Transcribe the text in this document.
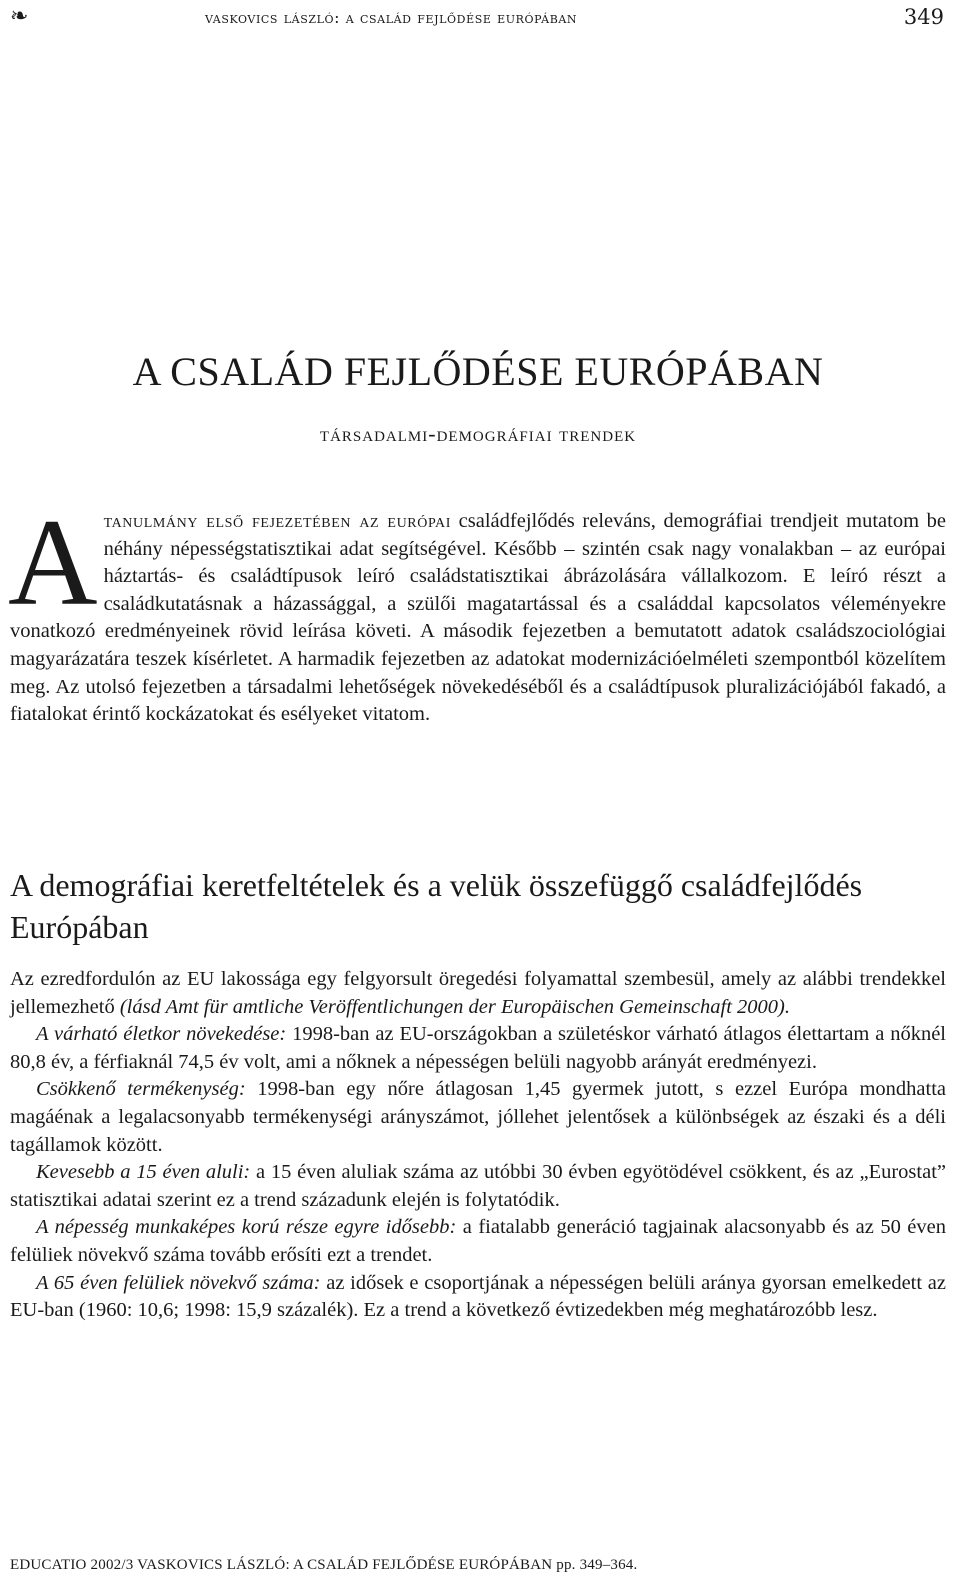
❧	vaskovics lászló: a család fejlődése európában	349
A CSALÁD FEJLŐDÉSE EURÓPÁBAN
társadalmi-demográfiai trendek

Atanulmány első fejezetében az európai családfejlődés releváns, demográfiai trendjeit mutatom be néhány népességstatisztikai adat segítségével. Később – szintén csak nagy vonalakban – az európai háztartás- és családtípusok leíró családstatisztikai ábrázolására vállalkozom. E leíró részt a családkutatásnak a házassággal, a szülői magatartással és a családdal kapcsolatos véleményekre vonatkozó eredményeinek rövid leírása követi. A második fejezetben a bemutatott adatok családszociológiai magyarázatára teszek kísérletet. A harmadik fejezetben az adatokat modernizációelméleti szempontból közelítem meg. Az utolsó fejezetben a társadalmi lehetőségek növekedéséből és a családtípusok pluralizációjából fakadó, a fiatalokat érintő kockázatokat és esélyeket vitatom.

A demográfiai keretfeltételek és a velük összefüggő családfejlődés Európában

Az ezredfordulón az EU lakossága egy felgyorsult öregedési folyamattal szembesül, amely az alábbi trendekkel jellemezhető (lásd Amt für amtliche Veröffentlichungen der Europäischen Gemeinschaft 2000).

A várható életkor növekedése: 1998-ban az EU-országokban a születéskor várható átlagos élettartam a nőknél 80,8 év, a férfiaknál 74,5 év volt, ami a nőknek a népességen belüli nagyobb arányát eredményezi.

Csökkenő termékenység: 1998-ban egy nőre átlagosan 1,45 gyermek jutott, s ezzel Európa mondhatta magáénak a legalacsonyabb termékenységi arányszámot, jóllehet jelentősek a különbségek az északi és a déli tagállamok között.

Kevesebb a 15 éven aluli: a 15 éven aluliak száma az utóbbi 30 évben egyötödével csökkent, és az „Eurostat” statisztikai adatai szerint ez a trend századunk elején is folytatódik.

A népesség munkaképes korú része egyre idősebb: a fiatalabb generáció tagjainak alacsonyabb és az 50 éven felüliek növekvő száma tovább erősíti ezt a trendet.

A 65 éven felüliek növekvő száma: az idősek e csoportjának a népességen belüli aránya gyorsan emelkedett az EU-ban (1960: 10,6; 1998: 15,9 százalék). Ez a trend a következő évtizedekben még meghatározóbb lesz.

EDUCATIO 2002/3 VASKOVICS LÁSZLÓ: A CSALÁD FEJLŐDÉSE EURÓPÁBAN pp. 349–364.
